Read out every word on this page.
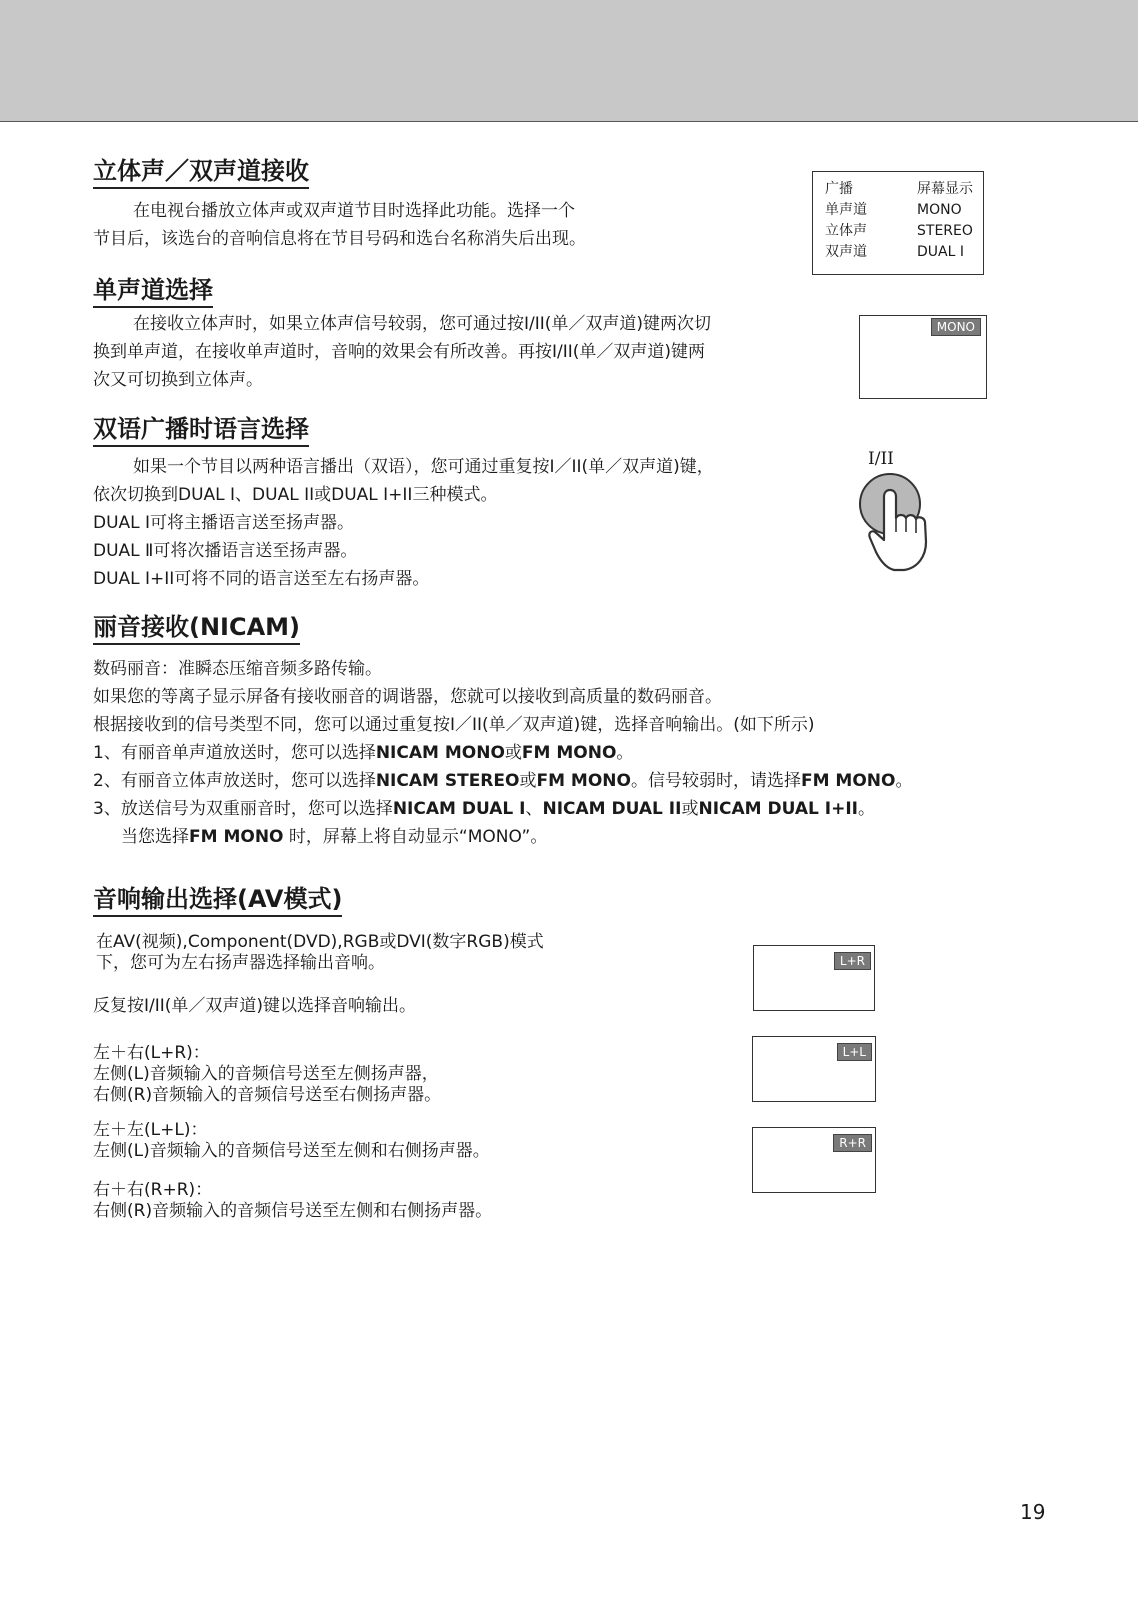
立体声／双声道接收
在电视台播放立体声或双声道节目时选择此功能。选择一个
节目后，该选台的音响信息将在节目号码和选台名称消失后出现。
广播	屏幕显示
单声道	MONO
立体声	STEREO
双声道	DUAL I
单声道选择
在接收立体声时，如果立体声信号较弱，您可通过按I/II(单／双声道)键两次切
换到单声道，在接收单声道时，音响的效果会有所改善。再按I/II(单／双声道)键两
次又可切换到立体声。
MONO
双语广播时语言选择
如果一个节目以两种语言播出（双语），您可通过重复按I／II(单／双声道)键，
依次切换到DUAL Ⅰ、DUAL II或DUAL I+II三种模式。
DUAL Ⅰ可将主播语言送至扬声器。
DUAL Ⅱ可将次播语言送至扬声器。
DUAL Ⅰ+II可将不同的语言送至左右扬声器。
I/II
丽音接收(NICAM)
数码丽音：准瞬态压缩音频多路传输。
如果您的等离子显示屏备有接收丽音的调谐器，您就可以接收到高质量的数码丽音。
根据接收到的信号类型不同，您可以通过重复按I／II(单／双声道)键，选择音响输出。(如下所示)
1、有丽音单声道放送时，您可以选择NICAM MONO或FM MONO。
2、有丽音立体声放送时，您可以选择NICAM STEREO或FM MONO。信号较弱时，请选择FM MONO。
3、放送信号为双重丽音时，您可以选择NICAM DUAL I、NICAM DUAL II或NICAM DUAL I+II。
当您选择FM MONO 时，屏幕上将自动显示“MONO”。
音响输出选择(AV模式)
在AV(视频),Component(DVD),RGB或DVI(数字RGB)模式
下，您可为左右扬声器选择输出音响。
反复按I/II(单／双声道)键以选择音响输出。
左＋右(L+R)：
左侧(L)音频输入的音频信号送至左侧扬声器，
右侧(R)音频输入的音频信号送至右侧扬声器。
左＋左(L+L)：
左侧(L)音频输入的音频信号送至左侧和右侧扬声器。
右＋右(R+R)：
右侧(R)音频输入的音频信号送至左侧和右侧扬声器。
L+R
L+L
R+R
19
